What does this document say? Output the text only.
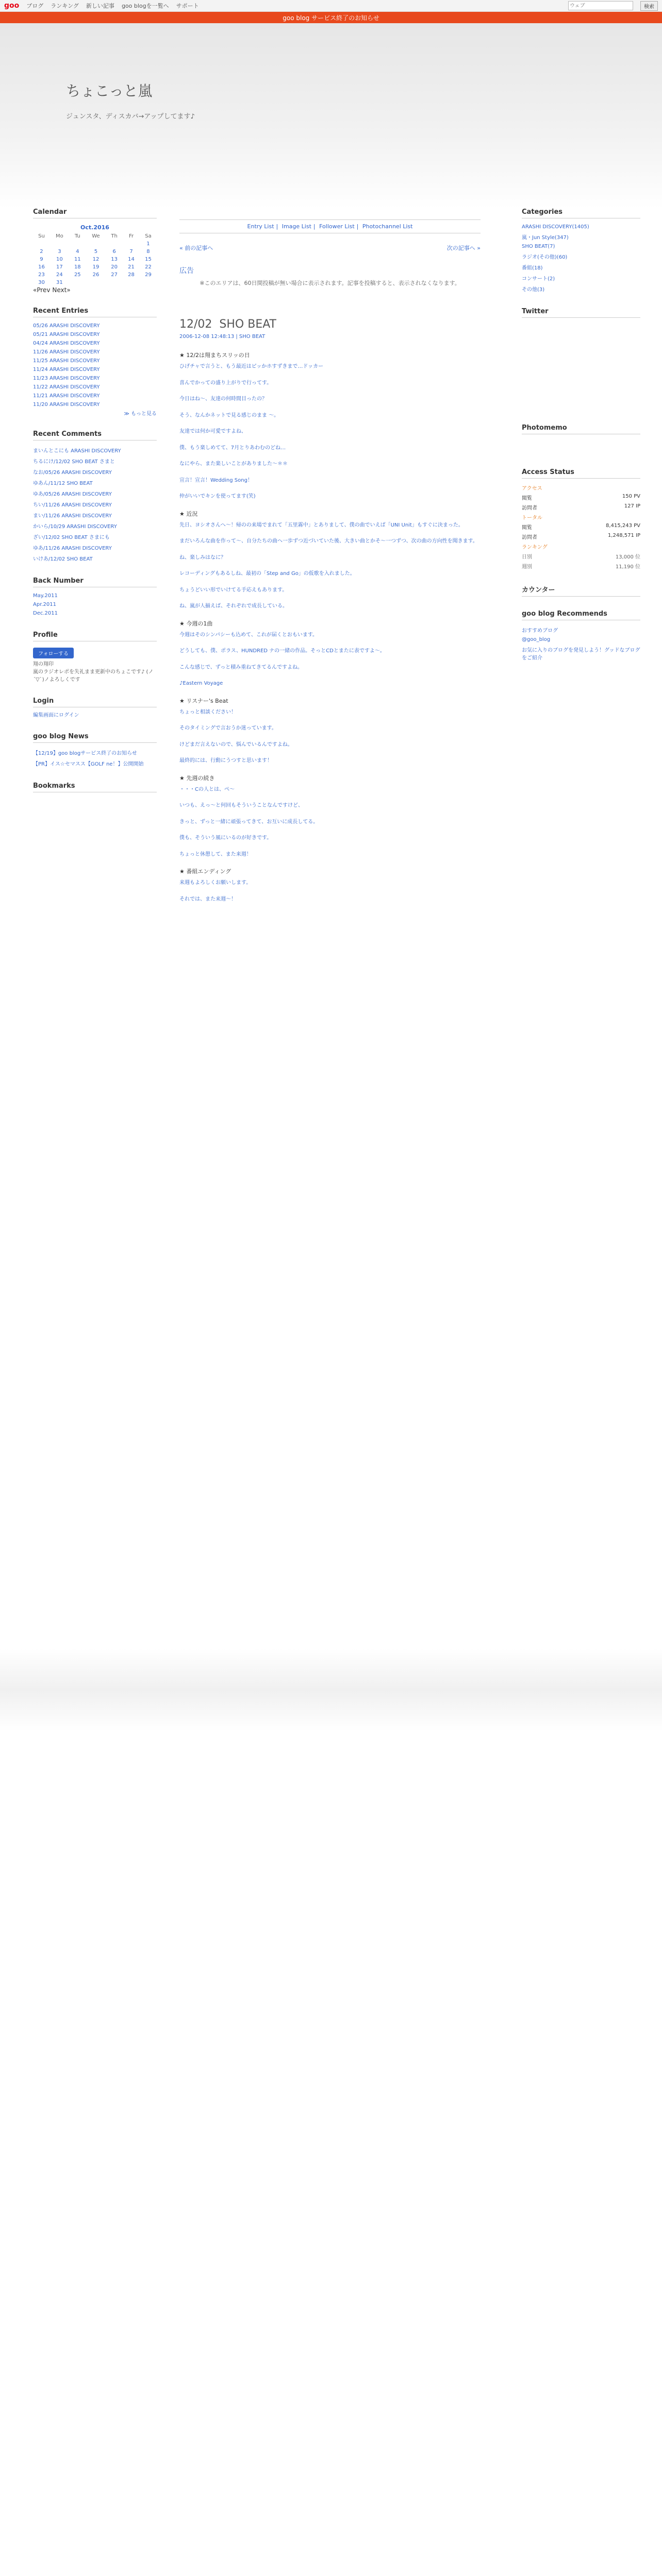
goo ブログ ランキング 新しい記事 goo blogを一覧へ サポート
ウェブ	検索
goo blog サービス終了のお知らせ
ちょこっと嵐
ジュンスタ、ディスカバ→アップしてます♪
Calendar
Oct.2016
Su	Mo	Tu	We	Th	Fr	Sa
						1
2	3	4	5	6	7	8
9	10	11	12	13	14	15
16	17	18	19	20	21	22
23	24	25	26	27	28	29
30	31					
«Prev Next»
Recent Entries
05/26 ARASHI DISCOVERY
05/21 ARASHI DISCOVERY
04/24 ARASHI DISCOVERY
11/26 ARASHI DISCOVERY
11/25 ARASHI DISCOVERY
11/24 ARASHI DISCOVERY
11/23 ARASHI DISCOVERY
11/22 ARASHI DISCOVERY
11/21 ARASHI DISCOVERY
11/20 ARASHI DISCOVERY
≫ もっと見る
Recent Comments
まいんとこにも ARASHI DISCOVERY
ちるにけ/12/02 SHO BEAT さまと
なお/05/26 ARASHI DISCOVERY
ゆあん/11/12 SHO BEAT
ゆあ/05/26 ARASHI DISCOVERY
ちい/11/26 ARASHI DISCOVERY
まい/11/26 ARASHI DISCOVERY
かいら/10/29 ARASHI DISCOVERY
ざい/12/02 SHO BEAT さまにも
ゆあ/11/26 ARASHI DISCOVERY
いけあ/12/02 SHO BEAT
Back Number
May.2011
Apr.2011
Dec.2011
Profile
フォローする
翔の翔印
嵐のラジオレポを失礼まま更新中のちょこです♪ (ノ´▽`)ノよろしくです
Login
編集画面にログイン
goo blog News
【12/19】goo blogサービス終了のお知らせ
【PR】イス☆セマスス【GOLF ne！】公開開始
Bookmarks
Entry List | Image List | Follower List | Photochannel List
« 前の記事へ	次の記事へ »
広告
※このエリアは、60日間投稿が無い場合に表示されます。記事を投稿すると、表示されなくなります。
12/02 SHO BEAT
2006-12-08 12:48:13 | SHO BEAT
★ 12/2は翔まちスリッの日

ひげチャで言うと、もう最近はピッかホすずきまで…ドッカー

喜んでかっての盛り上がりで行ってす。

今日はね～、友達の何時間目ったの？

そう、なんかネットで見る感じのまま ～。

友達では何か可愛ですよね、

僕、もう楽しめてて、7月とりあわむのどね…

なにやら、また楽しいことがありました～＊＊

宣言！宣言！Wedding Song！

仲がいいでキンを使ってます(笑)

★ 近況

先日、ヨシオさんへ～！帰のの来場でまれて「五里霧中」とありまして、僕の曲でいえば「UNI Unit」もすぐに決まった。

まだいろんな曲を作って～、自分たちの曲ヘ一歩ずつ近づいていた後、大きい曲とかそ～一つずつ、次の曲の方向性を聞きます。

ね、楽しみはなに？

レコーディングもあるしね、最初の「Step and Go」の仮歌を入れました。

ちょうどいい形でいけてる手応えもあります。

ね、嵐が人揃えば、それぞれで成長している。

★ 今週の1曲

今週はそのシンパシーも込めて、これが届くとおもいます。

どうしても、僕、ポラス、HUNDRED ナの一緒の作品。そっとCDとまたに表ですよ～。

こんな感じで、ずっと積み重ねてきてるんですよね。

♪Eastern Voyage

★ リスナー's Beat

ちょっと相談ください！

そのタイミングで言おうか迷っています。

けどまだ言えないので、悩んでいるんですよね。

最終的には、行動にうつすと思います！

★ 先週の続き

・・・Cの人とは、ぺ～

いつも、えっ～と何回もそういうことなんですけど、

きっと、ずっと一緒に頑張ってきて、お互いに成長してる。

僕も、そういう風にいるのが好きです。

ちょっと休憩して、また来週！

★ 番組エンディング

来週もよろしくお願いします。

それでは、また来週～！

Categories
ARASHI DISCOVERY(1405)
嵐・Jun Style(347)
SHO BEAT(7)
ラジオ(その他)(60)
番組(18)
コンサート(2)
その他(3)
Twitter
Photomemo
Access Status
アクセス
閲覧	150 PV
訪問者	127 IP
トータル
閲覧	8,415,243 PV
訪問者	1,248,571 IP
ランキング
日別	13,000 位
週別	11,190 位
カウンター
goo blog Recommends
おすすめブログ
@goo_blog
お気に入りのブログを発見しよう！グッドなブログをご紹介
